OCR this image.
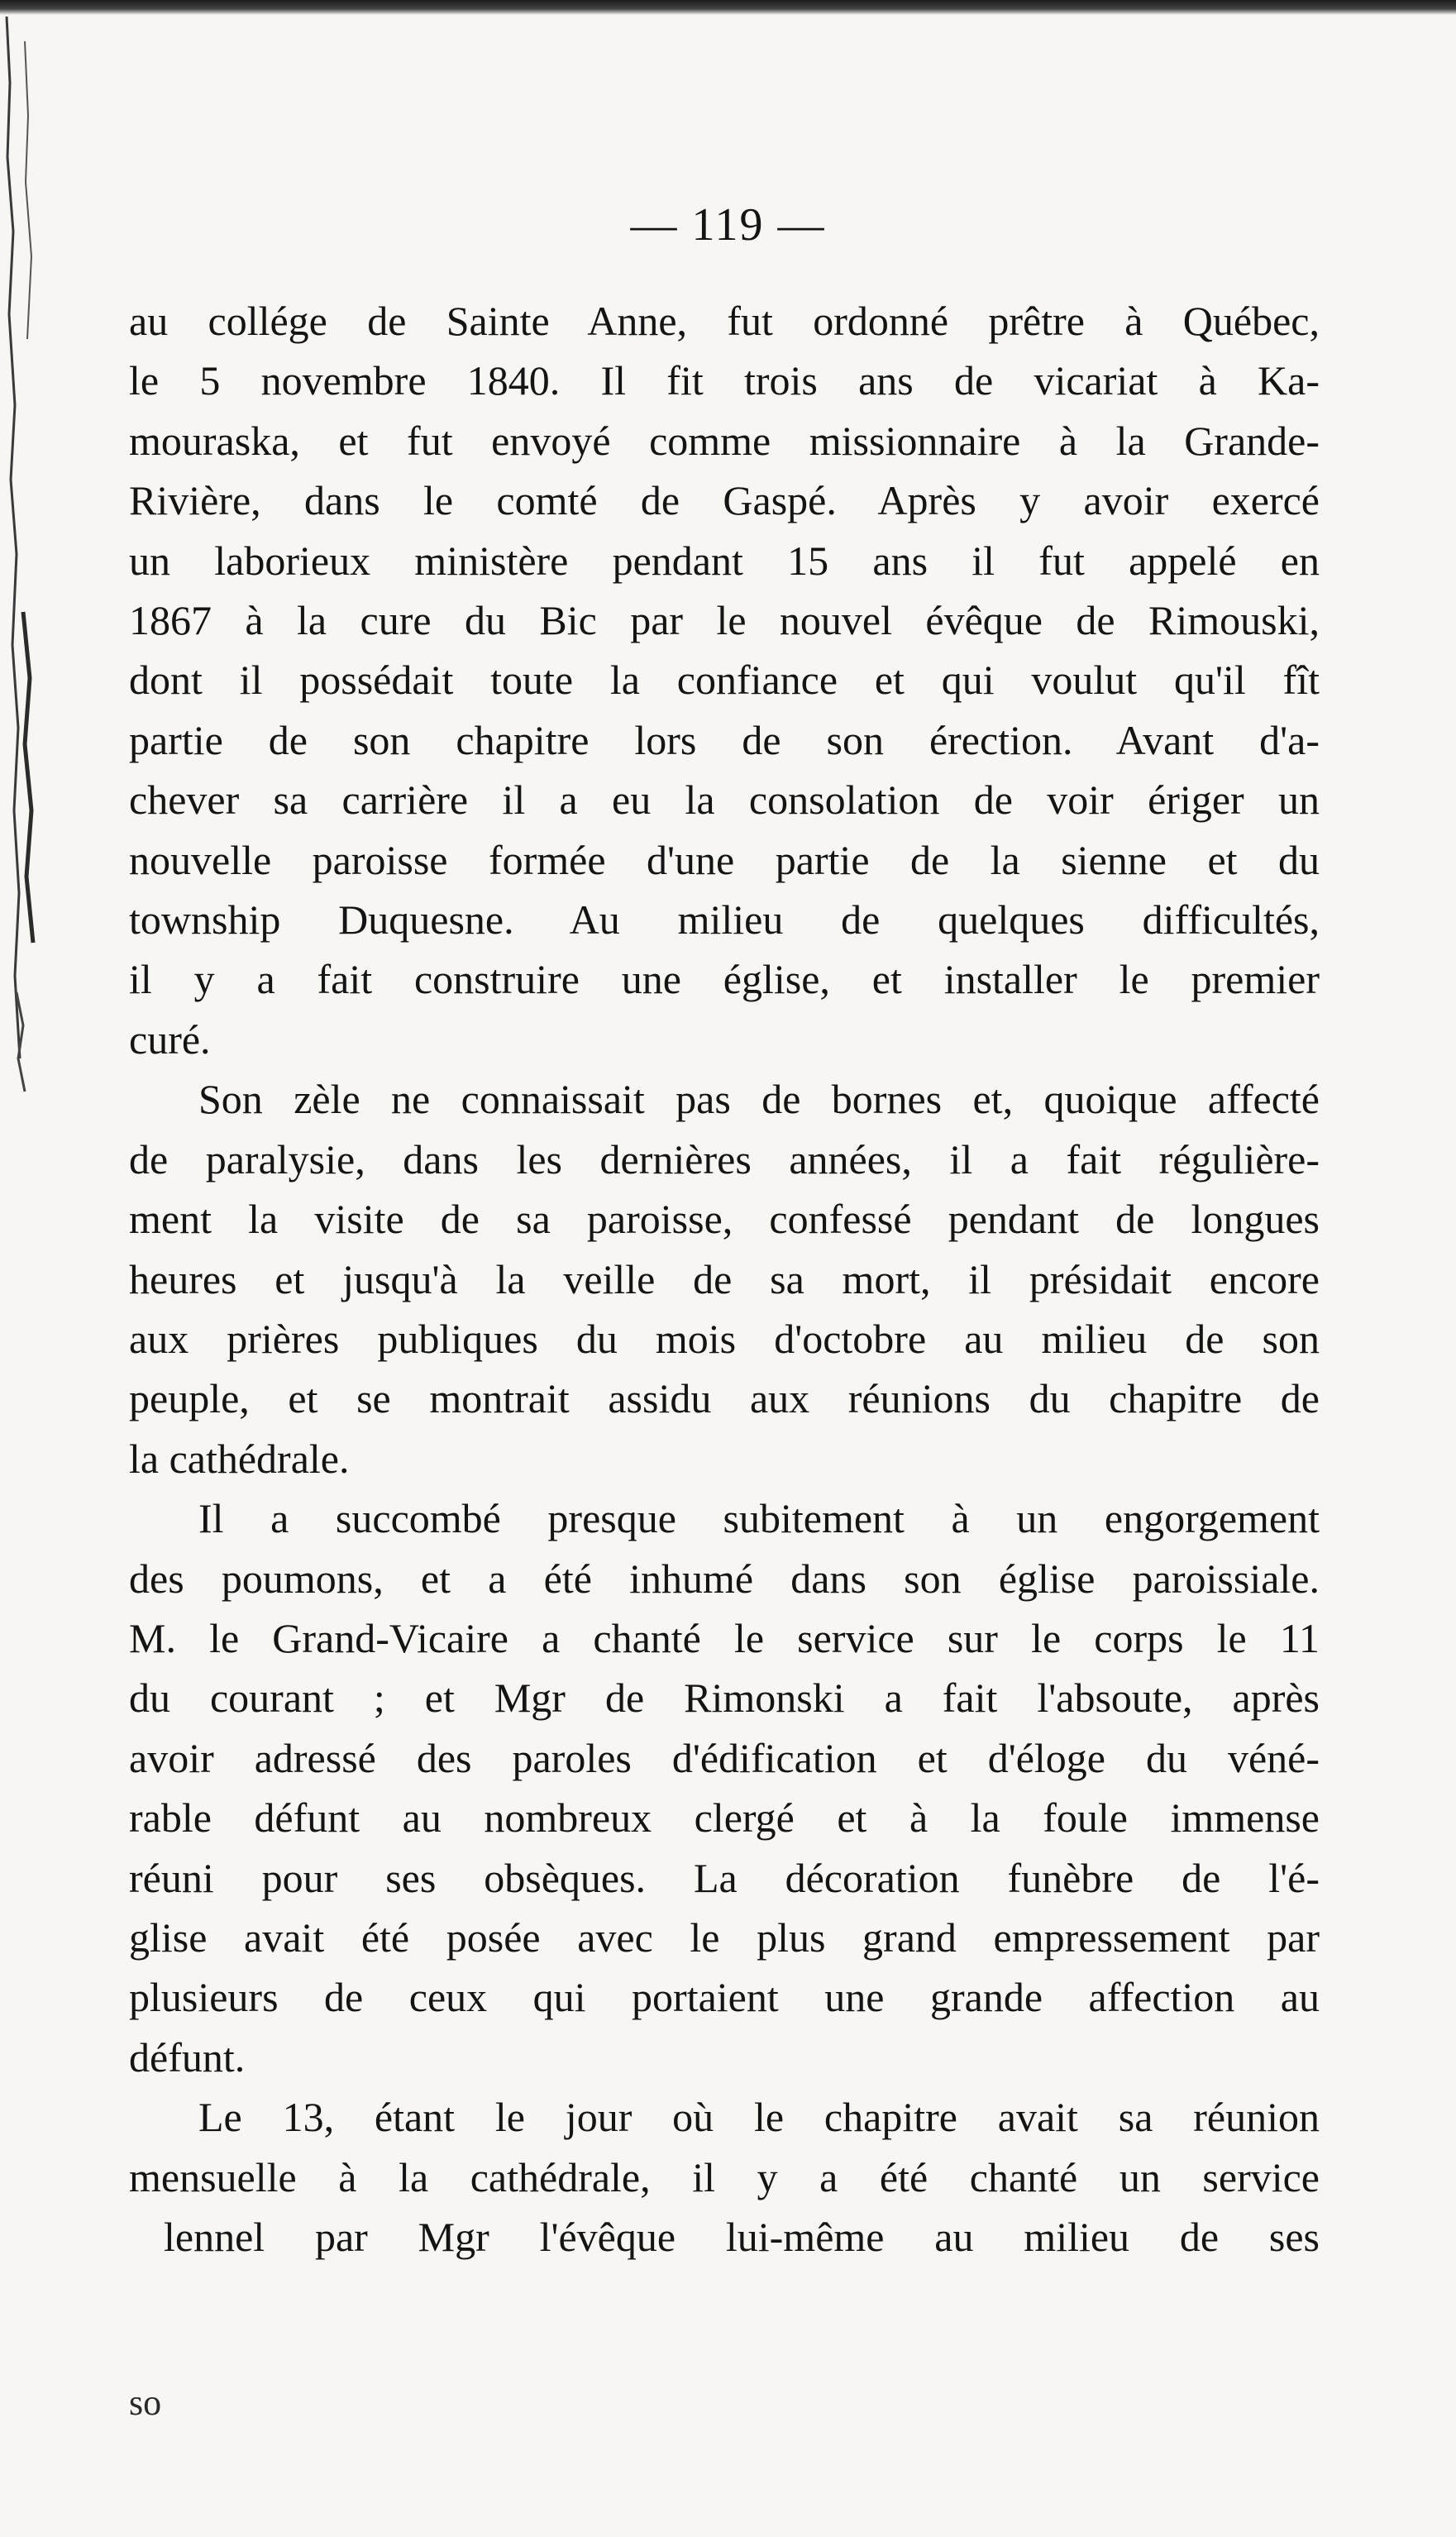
— 119 —
au collége de Sainte Anne, fut ordonné prêtre à Québec,
le 5 novembre 1840. Il fit trois ans de vicariat à Ka-
mouraska, et fut envoyé comme missionnaire à la Grande-
Rivière, dans le comté de Gaspé. Après y avoir exercé
un laborieux ministère pendant 15 ans il fut appelé en
1867 à la cure du Bic par le nouvel évêque de Rimouski,
dont il possédait toute la confiance et qui voulut qu'il fît
partie de son chapitre lors de son érection. Avant d'a-
chever sa carrière il a eu la consolation de voir ériger un
nouvelle paroisse formée d'une partie de la sienne et du
township Duquesne. Au milieu de quelques difficultés,
il y a fait construire une église, et installer le premier
curé.
Son zèle ne connaissait pas de bornes et, quoique affecté
de paralysie, dans les dernières années, il a fait régulière-
ment la visite de sa paroisse, confessé pendant de longues
heures et jusqu'à la veille de sa mort, il présidait encore
aux prières publiques du mois d'octobre au milieu de son
peuple, et se montrait assidu aux réunions du chapitre de
la cathédrale.
Il a succombé presque subitement à un engorgement
des poumons, et a été inhumé dans son église paroissiale.
M. le Grand-Vicaire a chanté le service sur le corps le 11
du courant ; et Mgr de Rimonski a fait l'absoute, après
avoir adressé des paroles d'édification et d'éloge du véné-
rable défunt au nombreux clergé et à la foule immense
réuni pour ses obsèques. La décoration funèbre de l'é-
glise avait été posée avec le plus grand empressement par
plusieurs de ceux qui portaient une grande affection au
défunt.
Le 13, étant le jour où le chapitre avait sa réunion
mensuelle à la cathédrale, il y a été chanté un service
lennel par Mgr l'évêque lui-même au milieu de ses
so
